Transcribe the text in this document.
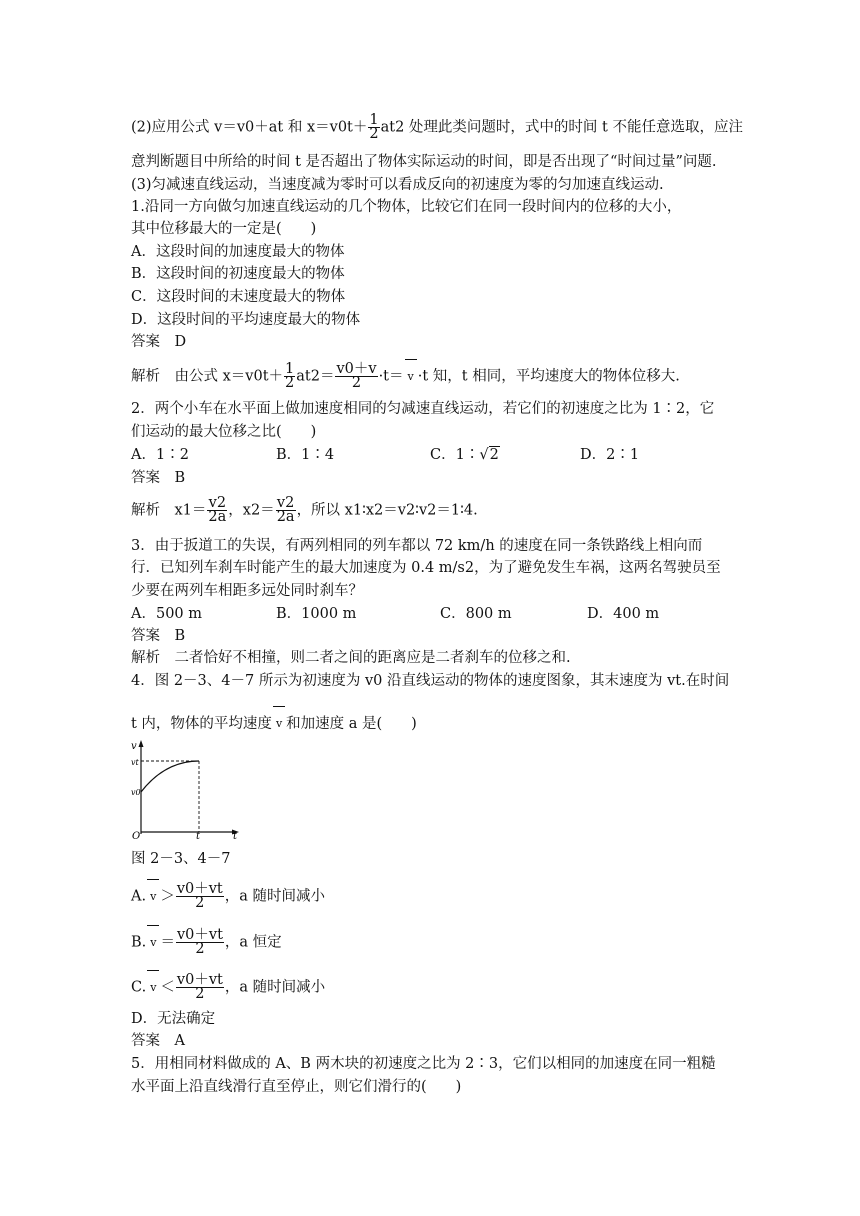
(2)应用公式 v＝v0＋at 和 $x=v0t+ \frac{1}{2} at2$ 处理此类问题时，式中的时间 t 不能任意选取，应注
意判断题目中所给的时间 t 是否超出了物体实际运动的时间，即是否出现了“时间过量”问题.
(3)匀减速直线运动，当速度减为零时可以看成反向的初速度为零的匀加速直线运动.
1.沿同一方向做匀加速直线运动的几个物体，比较它们在同一段时间内的位移的大小，
其中位移最大的一定是(　　)
A．这段时间的加速度最大的物体
B．这段时间的初速度最大的物体
C．这段时间的末速度最大的物体
D．这段时间的平均速度最大的物体
答案　D
解析　由公式 $x=v0t+ \frac{1}{2} at2= \frac{v0+v}{2} \cdot t= v \cdot t$ 知，t 相同，平均速度大的物体位移大.
2．两个小车在水平面上做加速度相同的匀减速直线运动，若它们的初速度之比为 1∶2，它
们运动的最大位移之比(　　)
A．1∶2	B．1∶4	C．1∶√2	D．2∶1
答案　B
解析　$x1= \frac{v2}{2a}$ ，$x2= \frac{v2}{2a}$ ，所以 x1∶x2＝v2∶v2＝1∶4.
3．由于扳道工的失误，有两列相同的列车都以 72 km/h 的速度在同一条铁路线上相向而
行．已知列车刹车时能产生的最大加速度为 0.4 m/s2，为了避免发生车祸，这两名驾驶员至
少要在两列车相距多远处同时刹车？
A．500 m	B．1000 m	C．800 m	D．400 m
答案　B
解析　二者恰好不相撞，则二者之间的距离应是二者刹车的位移之和.
4．图 2－3、4－7 所示为初速度为 v0 沿直线运动的物体的速度图象，其末速度为 vt.在时间
t 内，物体的平均速度 v 和加速度 a 是(　　)
v
vt
v0
O	t	t
图 2－3、4－7
A. $v > \frac{v0+vt}{2}$ ，a 随时间减小
B. $v = \frac{v0+vt}{2}$ ，a 恒定
C. $v < \frac{v0+vt}{2}$ ，a 随时间减小
D．无法确定
答案　A
5．用相同材料做成的 A、B 两木块的初速度之比为 2∶3，它们以相同的加速度在同一粗糙
水平面上沿直线滑行直至停止，则它们滑行的(　　)
